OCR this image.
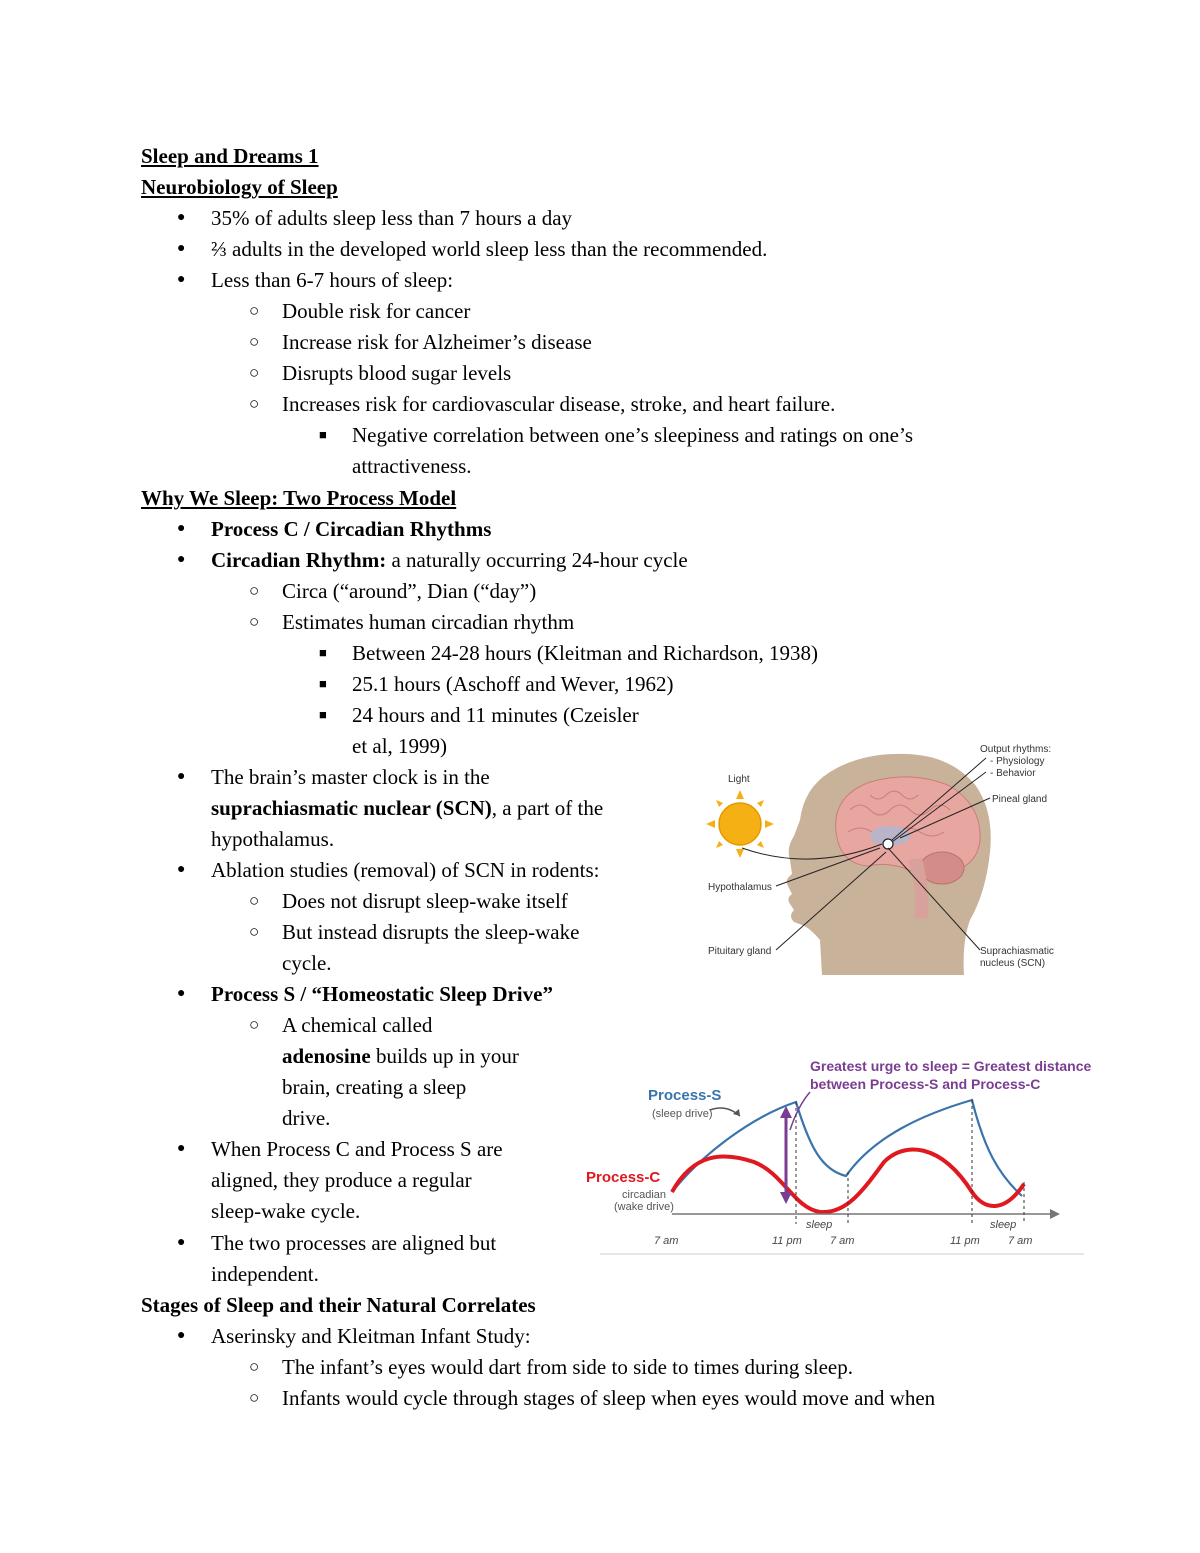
Sleep and Dreams 1
Neurobiology of Sleep
●
35% of adults sleep less than 7 hours a day
●
⅔ adults in the developed world sleep less than the recommended.
●
Less than 6-7 hours of sleep:
○
Double risk for cancer
○
Increase risk for Alzheimer’s disease
○
Disrupts blood sugar levels
○
Increases risk for cardiovascular disease, stroke, and heart failure.
■
Negative correlation between one’s sleepiness and ratings on one’s
attractiveness.
Why We Sleep: Two Process Model
●
Process C / Circadian Rhythms
●
Circadian Rhythm: a naturally occurring 24-hour cycle
○
Circa (“around”, Dian (“day”)
○
Estimates human circadian rhythm
■
Between 24-28 hours (Kleitman and Richardson, 1938)
■
25.1 hours (Aschoff and Wever, 1962)
■
24 hours and 11 minutes (Czeisler
et al, 1999)
●
The brain’s master clock is in the
suprachiasmatic nuclear (SCN), a part of the
hypothalamus.
●
Ablation studies (removal) of SCN in rodents:
○
Does not disrupt sleep-wake itself
○
But instead disrupts the sleep-wake
cycle.
●
Process S / “Homeostatic Sleep Drive”
○
A chemical called
adenosine builds up in your
brain, creating a sleep
drive.
●
When Process C and Process S are
aligned, they produce a regular
sleep-wake cycle.
●
The two processes are aligned but
independent.
Stages of Sleep and their Natural Correlates
●
Aserinsky and Kleitman Infant Study:
○
The infant’s eyes would dart from side to side to times during sleep.
○
Infants would cycle through stages of sleep when eyes would move and when
Light
Output rhythms:
- Physiology
- Behavior
Pineal gland
Hypothalamus
Pituitary gland	Suprachiasmatic
nucleus (SCN)
Greatest urge to sleep = Greatest distance
between Process-S and Process-C
Process-S
(sleep drive)
Process-C
circadian
(wake drive)
sleep	sleep
7 am	11 pm	7 am	11 pm	7 am
